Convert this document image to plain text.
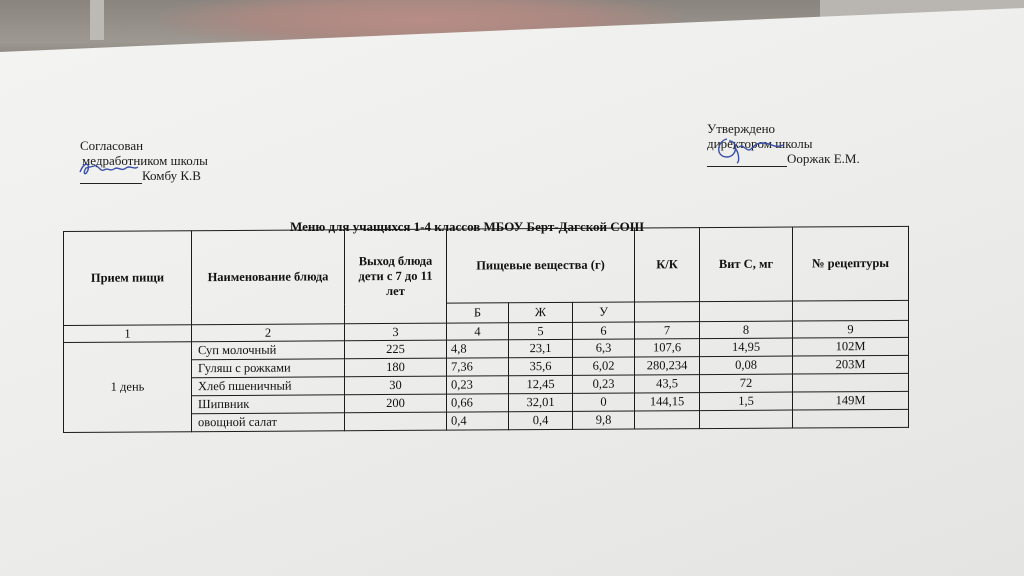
Согласован
медработником школы

Комбу К.В
Утверждено
директором школы

Ооржак Е.М.
Меню для учащихся 1-4 классов МБОУ Берт-Дагской СОШ
Прием пищи	Наименование блюда	Выход блюда дети с 7 до 11 лет	Пищевые вещества (г)			К/К	Вит С, мг	№ рецептуры
			Б	Ж	У			
1	2	3	4	5	6	7	8	9
1 день	Суп молочный	225	4,8	23,1	6,3	107,6	14,95	102М
	Гуляш с рожками	180	7,36	35,6	6,02	280,234	0,08	203М
	Хлеб пшеничный	30	0,23	12,45	0,23	43,5	72	
	Шипвник	200	0,66	32,01	0	144,15	1,5	149М
	овощной салат		0,4	0,4	9,8			
